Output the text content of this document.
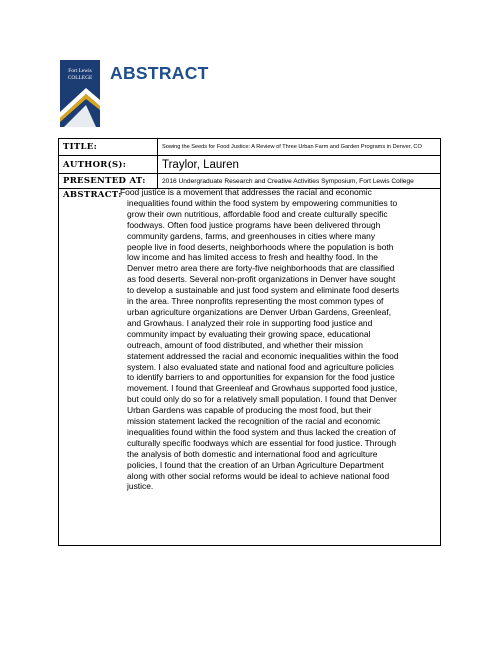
Fort Lewis
COLLEGE ABSTRACT
TITLE:	Sowing the Seeds for Food Justice: A Review of Three Urban Farm and Garden Programs in Denver, CO
AUTHOR(S):	Traylor, Lauren
PRESENTED AT:	2016 Undergraduate Research and Creative Activities Symposium, Fort Lewis College
ABSTRACT:
Food justice is a movement that addresses the racial and economic
inequalities found within the food system by empowering communities to
grow their own nutritious, affordable food and create culturally specific
foodways. Often food justice programs have been delivered through
community gardens, farms, and greenhouses in cities where many
people live in food deserts, neighborhoods where the population is both
low income and has limited access to fresh and healthy food. In the
Denver metro area there are forty-five neighborhoods that are classified
as food deserts. Several non-profit organizations in Denver have sought
to develop a sustainable and just food system and eliminate food deserts
in the area. Three nonprofits representing the most common types of
urban agriculture organizations are Denver Urban Gardens, Greenleaf,
and Growhaus. I analyzed their role in supporting food justice and
community impact by evaluating their growing space, educational
outreach, amount of food distributed, and whether their mission
statement addressed the racial and economic inequalities within the food
system. I also evaluated state and national food and agriculture policies
to identify barriers to and opportunities for expansion for the food justice
movement. I found that Greenleaf and Growhaus supported food justice,
but could only do so for a relatively small population. I found that Denver
Urban Gardens was capable of producing the most food, but their
mission statement lacked the recognition of the racial and economic
inequalities found within the food system and thus lacked the creation of
culturally specific foodways which are essential for food justice. Through
the analysis of both domestic and international food and agriculture
policies, I found that the creation of an Urban Agriculture Department
along with other social reforms would be ideal to achieve national food
justice.
